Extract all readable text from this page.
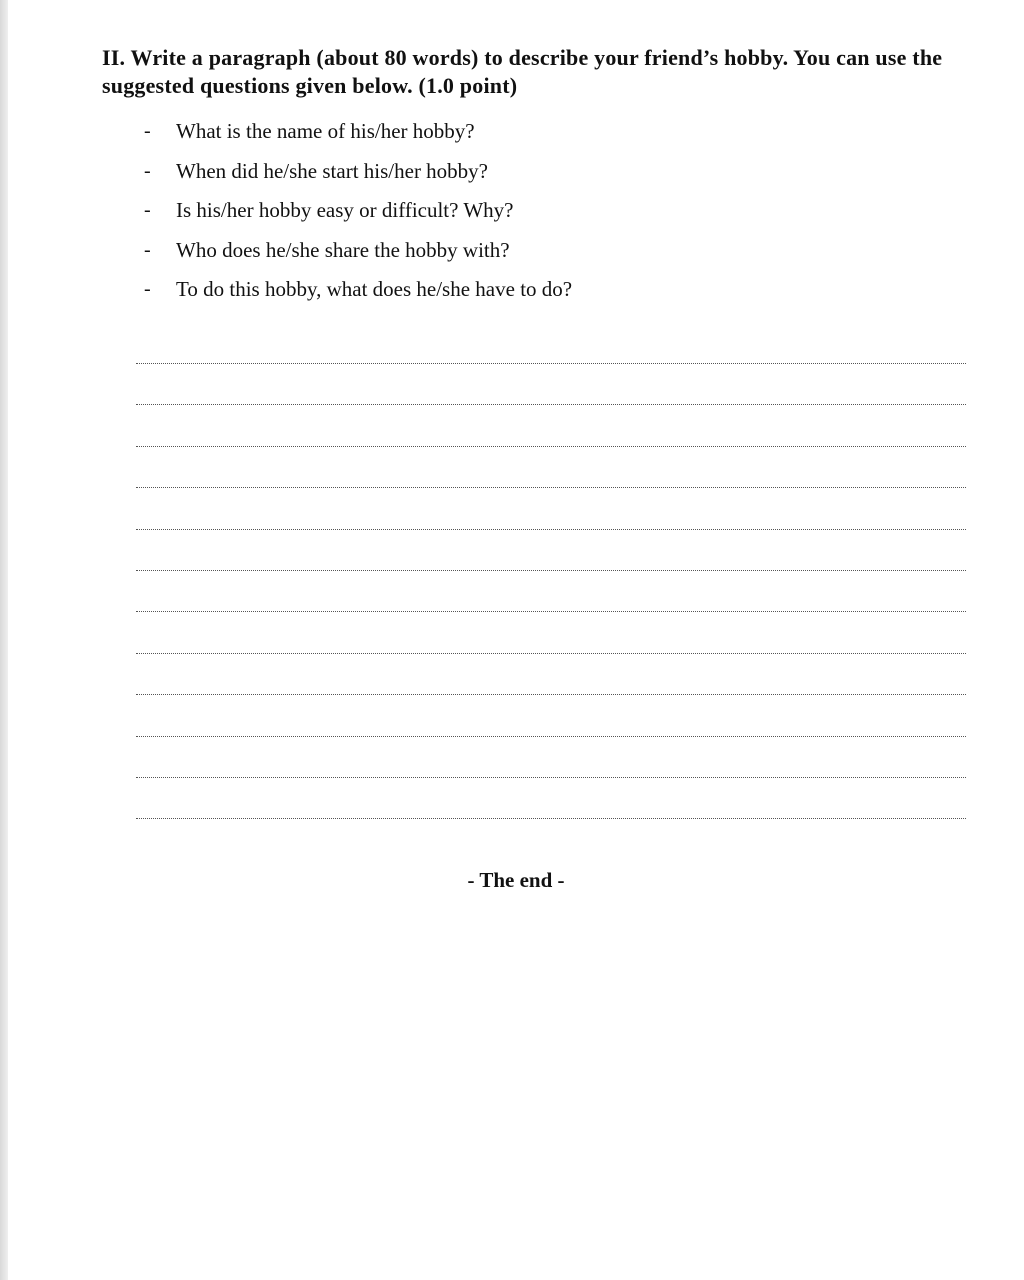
II. Write a paragraph (about 80 words) to describe your friend’s hobby. You can use the suggested questions given below. (1.0 point)

- What is the name of his/her hobby?
- When did he/she start his/her hobby?
- Is his/her hobby easy or difficult? Why?
- Who does he/she share the hobby with?
- To do this hobby, what does he/she have to do?

- The end -
